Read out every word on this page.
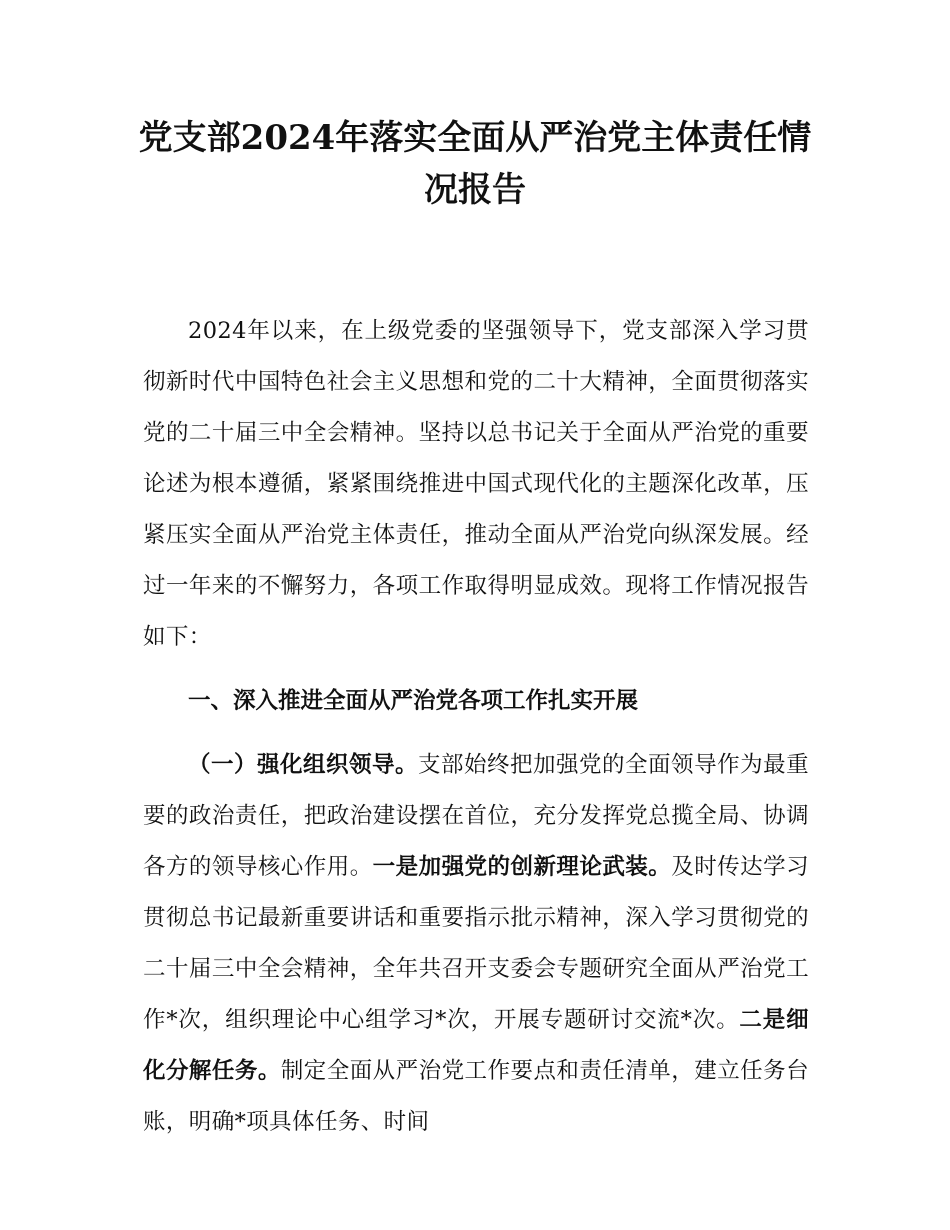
党支部2024年落实全面从严治党主体责任情况报告

2024年以来，在上级党委的坚强领导下，党支部深入学习贯彻新时代中国特色社会主义思想和党的二十大精神，全面贯彻落实党的二十届三中全会精神。坚持以总书记关于全面从严治党的重要论述为根本遵循，紧紧围绕推进中国式现代化的主题深化改革，压紧压实全面从严治党主体责任，推动全面从严治党向纵深发展。经过一年来的不懈努力，各项工作取得明显成效。现将工作情况报告如下：

一、深入推进全面从严治党各项工作扎实开展

（一）强化组织领导。支部始终把加强党的全面领导作为最重要的政治责任，把政治建设摆在首位，充分发挥党总揽全局、协调各方的领导核心作用。一是加强党的创新理论武装。及时传达学习贯彻总书记最新重要讲话和重要指示批示精神，深入学习贯彻党的二十届三中全会精神，全年共召开支委会专题研究全面从严治党工作*次，组织理论中心组学习*次，开展专题研讨交流*次。二是细化分解任务。制定全面从严治党工作要点和责任清单，建立任务台账，明确*项具体任务、时间
